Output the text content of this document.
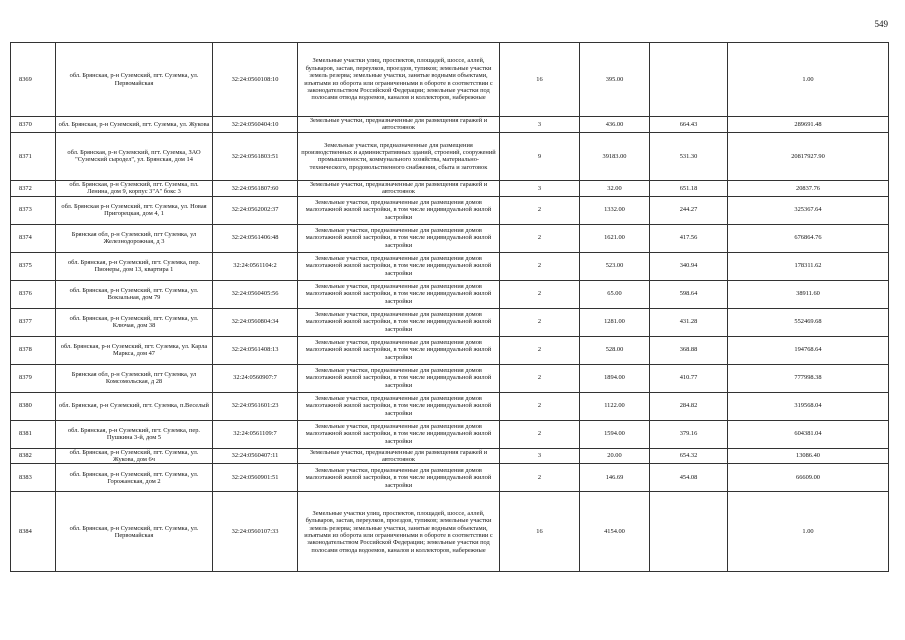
549
8369	обл. Брянская, р-н Суземский, пгт. Суземка, ул. Первомайская	32:24:0560108:10	Земельные участки улиц, проспектов, площадей, шоссе, аллей, бульваров, застав, переулков, проездов, тупиков; земельные участки земель резерва; земельные участки, занятые водными объектами, изъятыми из оборота или ограниченными в обороте в соответствии с законодательством Российской Федерации; земельные участки под полосами отвода водоемов, каналов и коллекторов, набережные	16	395.00		1.00
8370	обл. Брянская, р-н Суземский, пгт. Суземка, ул. Жукова	32:24:0560404:10	Земельные участки, предназначенные для размещения гаражей и автостоянок	3	436.00	664.43	289691.48
8371	обл. Брянская, р-н Суземский, пгт. Суземка, ЗАО "Суземский сыродел", ул. Брянская, дом 14	32:24:0561803:51	Земельные участки, предназначенные для размещения производственных и административных зданий, строений, сооружений промышленности, коммунального хозяйства, материально-технического, продовольственного снабжения, сбыта и заготовок	9	39183.00	531.30	20817927.90
8372	обл. Брянская, р-н Суземский, пгт. Суземка, пл. Ленина, дом 9, корпус 3"А" бокс 3	32:24:0561807:60	Земельные участки, предназначенные для размещения гаражей и автостоянок	3	32.00	651.18	20837.76
8373	обл. Брянская р-н Суземский, пгт. Суземка, ул. Новая Пригорецкая, дом 4, 1	32:24:0562002:37	Земельные участки, предназначенные для размещения домов малоэтажной жилой застройки, в том числе индивидуальной жилой застройки	2	1332.00	244.27	325367.64
8374	Брянская обл, р-н Суземский, пгт Суземка, ул Железнодорожная, д 3	32:24:0561406:48	Земельные участки, предназначенные для размещения домов малоэтажной жилой застройки, в том числе индивидуальной жилой застройки	2	1621.00	417.56	676864.76
8375	обл. Брянская, р-н Суземский, пгт. Суземка, пер. Пионеры, дом 13, квартира 1	32:24:0561104:2	Земельные участки, предназначенные для размещения домов малоэтажной жилой застройки, в том числе индивидуальной жилой застройки	2	523.00	340.94	178311.62
8376	обл. Брянская, р-н Суземский, пгт. Суземка, ул. Вокзальная, дом 79	32:24:0560405:56	Земельные участки, предназначенные для размещения домов малоэтажной жилой застройки, в том числе индивидуальной жилой застройки	2	65.00	598.64	38911.60
8377	обл. Брянская, р-н Суземский, пгт. Суземка, ул. Ключая, дом 38	32:24:0560804:34	Земельные участки, предназначенные для размещения домов малоэтажной жилой застройки, в том числе индивидуальной жилой застройки	2	1281.00	431.28	552469.68
8378	обл. Брянская, р-н Суземский, пгт. Суземка, ул. Карла Маркса, дом 47	32:24:0561408:13	Земельные участки, предназначенные для размещения домов малоэтажной жилой застройки, в том числе индивидуальной жилой застройки	2	528.00	368.88	194768.64
8379	Брянская обл, р-н Суземский, пгт Суземка, ул Комсомольская, д 28	32:24:0560907:7	Земельные участки, предназначенные для размещения домов малоэтажной жилой застройки, в том числе индивидуальной жилой застройки	2	1894.00	410.77	777998.38
8380	обл. Брянская, р-н Суземский, пгт. Суземка, п.Веселый	32:24:0561601:23	Земельные участки, предназначенные для размещения домов малоэтажной жилой застройки, в том числе индивидуальной жилой застройки	2	1122.00	284.82	319568.04
8381	обл. Брянская, р-н Суземский, пгт. Суземка, пер. Пушкина 3-й, дом 5	32:24:0561109:7	Земельные участки, предназначенные для размещения домов малоэтажной жилой застройки, в том числе индивидуальной жилой застройки	2	1594.00	379.16	604381.04
8382	обл. Брянская, р-н Суземский, пгт. Суземка, ул. Жукова, дом 6ч	32:24:0560407:11	Земельные участки, предназначенные для размещения гаражей и автостоянок	3	20.00	654.32	13086.40
8383	обл. Брянская, р-н Суземский, пгт. Суземка, ул. Горожанская, дом 2	32:24:0560901:51	Земельные участки, предназначенные для размещения домов малоэтажной жилой застройки, в том числе индивидуальной жилой застройки	2	146.69	454.08	66609.00
8384	обл. Брянская, р-н Суземский, пгт. Суземка, ул. Первомайская	32:24:0560107:33	Земельные участки улиц, проспектов, площадей, шоссе, аллей, бульваров, застав, переулков, проездов, тупиков; земельные участки земель резерва; земельные участки, занятые водными объектами, изъятыми из оборота или ограниченными в обороте в соответствии с законодательством Российской Федерации; земельные участки под полосами отвода водоемов, каналов и коллекторов, набережные	16	4154.00		1.00
